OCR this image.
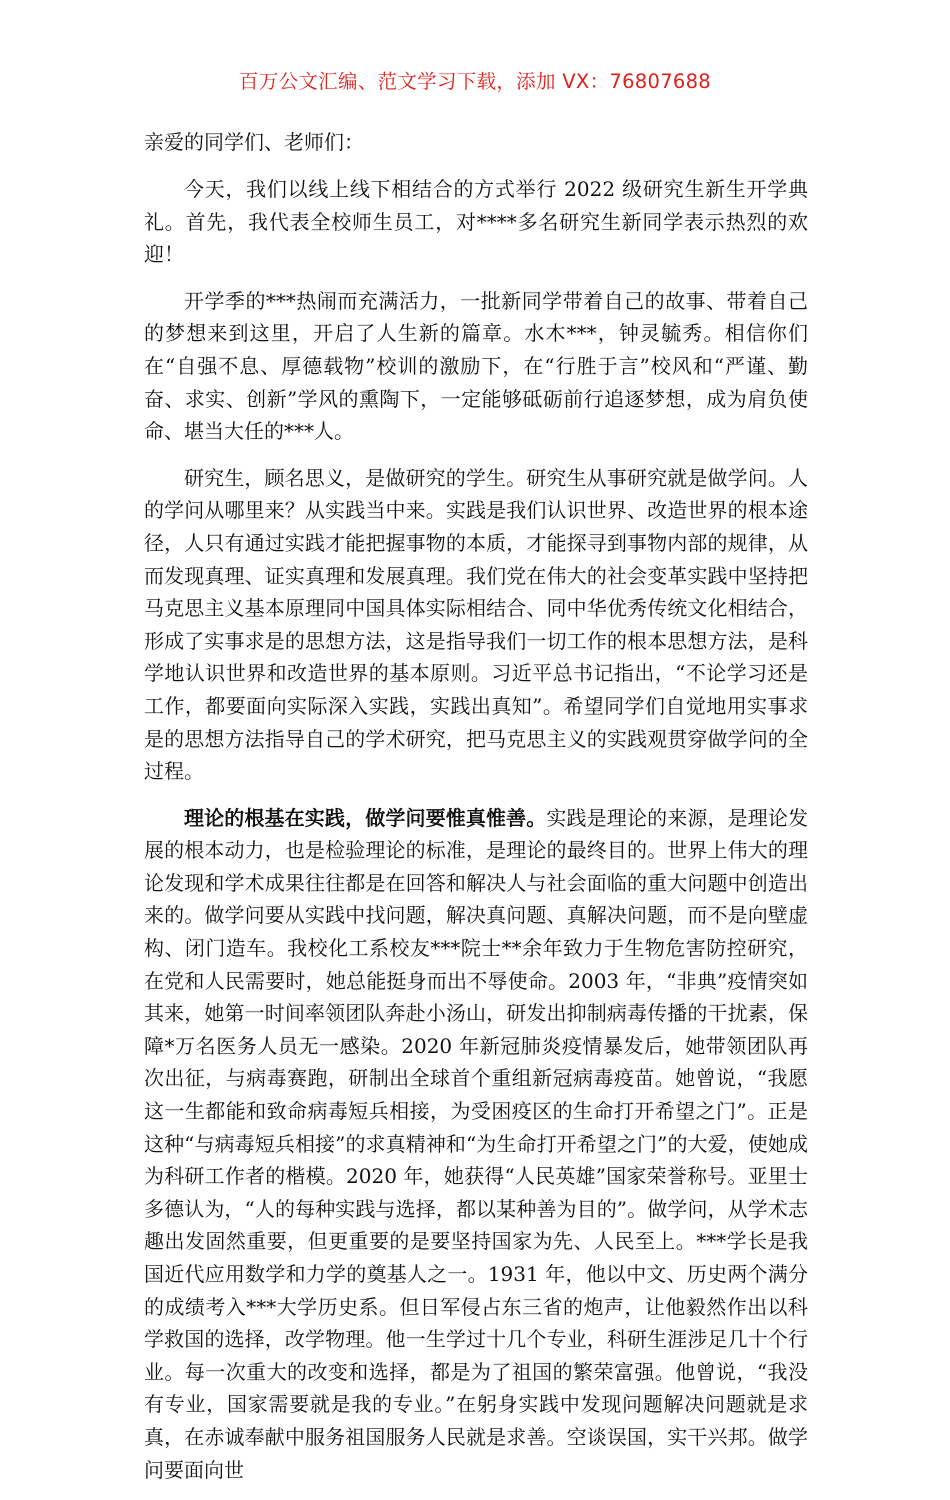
百万公文汇编、范文学习下载，添加 VX：76807688
亲爱的同学们、老师们：

今天，我们以线上线下相结合的方式举行 2022 级研究生新生开学典礼。首先，我代表全校师生员工，对****多名研究生新同学表示热烈的欢迎！

开学季的***热闹而充满活力，一批新同学带着自己的故事、带着自己的梦想来到这里，开启了人生新的篇章。水木***，钟灵毓秀。相信你们在“自强不息、厚德载物”校训的激励下，在“行胜于言”校风和“严谨、勤奋、求实、创新”学风的熏陶下，一定能够砥砺前行追逐梦想，成为肩负使命、堪当大任的***人。

研究生，顾名思义，是做研究的学生。研究生从事研究就是做学问。人的学问从哪里来？从实践当中来。实践是我们认识世界、改造世界的根本途径，人只有通过实践才能把握事物的本质，才能探寻到事物内部的规律，从而发现真理、证实真理和发展真理。我们党在伟大的社会变革实践中坚持把马克思主义基本原理同中国具体实际相结合、同中华优秀传统文化相结合，形成了实事求是的思想方法，这是指导我们一切工作的根本思想方法，是科学地认识世界和改造世界的基本原则。习近平总书记指出，“不论学习还是工作，都要面向实际深入实践，实践出真知”。希望同学们自觉地用实事求是的思想方法指导自己的学术研究，把马克思主义的实践观贯穿做学问的全过程。

理论的根基在实践，做学问要惟真惟善。实践是理论的来源，是理论发展的根本动力，也是检验理论的标准，是理论的最终目的。世界上伟大的理论发现和学术成果往往都是在回答和解决人与社会面临的重大问题中创造出来的。做学问要从实践中找问题，解决真问题、真解决问题，而不是向壁虚构、闭门造车。我校化工系校友***院士**余年致力于生物危害防控研究，在党和人民需要时，她总能挺身而出不辱使命。2003 年，“非典”疫情突如其来，她第一时间率领团队奔赴小汤山，研发出抑制病毒传播的干扰素，保障*万名医务人员无一感染。2020 年新冠肺炎疫情暴发后，她带领团队再次出征，与病毒赛跑，研制出全球首个重组新冠病毒疫苗。她曾说，“我愿这一生都能和致命病毒短兵相接，为受困疫区的生命打开希望之门”。正是这种“与病毒短兵相接”的求真精神和“为生命打开希望之门”的大爱，使她成为科研工作者的楷模。2020 年，她获得“人民英雄”国家荣誉称号。亚里士多德认为，“人的每种实践与选择，都以某种善为目的”。做学问，从学术志趣出发固然重要，但更重要的是要坚持国家为先、人民至上。***学长是我国近代应用数学和力学的奠基人之一。1931 年，他以中文、历史两个满分的成绩考入***大学历史系。但日军侵占东三省的炮声，让他毅然作出以科学救国的选择，改学物理。他一生学过十几个专业，科研生涯涉足几十个行业。每一次重大的改变和选择，都是为了祖国的繁荣富强。他曾说，“我没有专业，国家需要就是我的专业。”在躬身实践中发现问题解决问题就是求真，在赤诚奉献中服务祖国服务人民就是求善。空谈误国，实干兴邦。做学问要面向世
